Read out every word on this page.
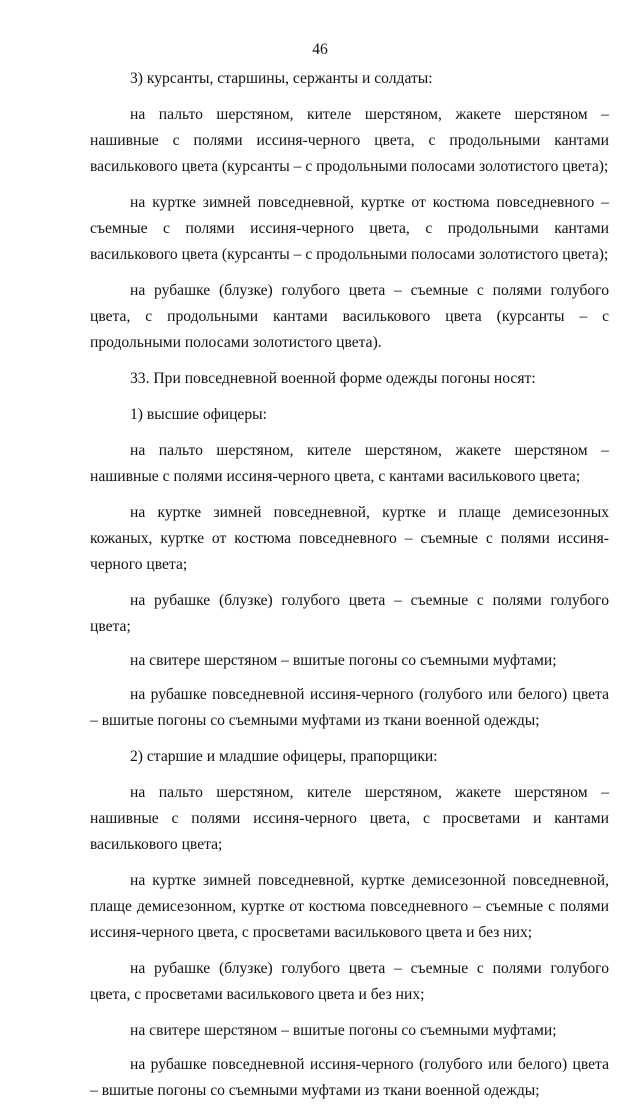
46

3) курсанты, старшины, сержанты и солдаты:

на пальто шерстяном, кителе шерстяном, жакете шерстяном – нашивные с полями иссиня-черного цвета, с продольными кантами василькового цвета (курсанты – с продольными полосами золотистого цвета);

на куртке зимней повседневной, куртке от костюма повседневного – съемные с полями иссиня-черного цвета, с продольными кантами василькового цвета (курсанты – с продольными полосами золотистого цвета);

на рубашке (блузке) голубого цвета – съемные с полями голубого цвета, с продольными кантами василькового цвета (курсанты – с продольными полосами золотистого цвета).

33. При повседневной военной форме одежды погоны носят:

1) высшие офицеры:

на пальто шерстяном, кителе шерстяном, жакете шерстяном – нашивные с полями иссиня-черного цвета, с кантами василькового цвета;

на куртке зимней повседневной, куртке и плаще демисезонных кожаных, куртке от костюма повседневного – съемные с полями иссиня-черного цвета;

на рубашке (блузке) голубого цвета – съемные с полями голубого цвета;

на свитере шерстяном – вшитые погоны со съемными муфтами;

на рубашке повседневной иссиня-черного (голубого или белого) цвета – вшитые погоны со съемными муфтами из ткани военной одежды;

2) старшие и младшие офицеры, прапорщики:

на пальто шерстяном, кителе шерстяном, жакете шерстяном – нашивные с полями иссиня-черного цвета, с просветами и кантами василькового цвета;

на куртке зимней повседневной, куртке демисезонной повседневной, плаще демисезонном, куртке от костюма повседневного – съемные с полями иссиня-черного цвета, с просветами василькового цвета и без них;

на рубашке (блузке) голубого цвета – съемные с полями голубого цвета, с просветами василькового цвета и без них;

на свитере шерстяном – вшитые погоны со съемными муфтами;

на рубашке повседневной иссиня-черного (голубого или белого) цвета – вшитые погоны со съемными муфтами из ткани военной одежды;
